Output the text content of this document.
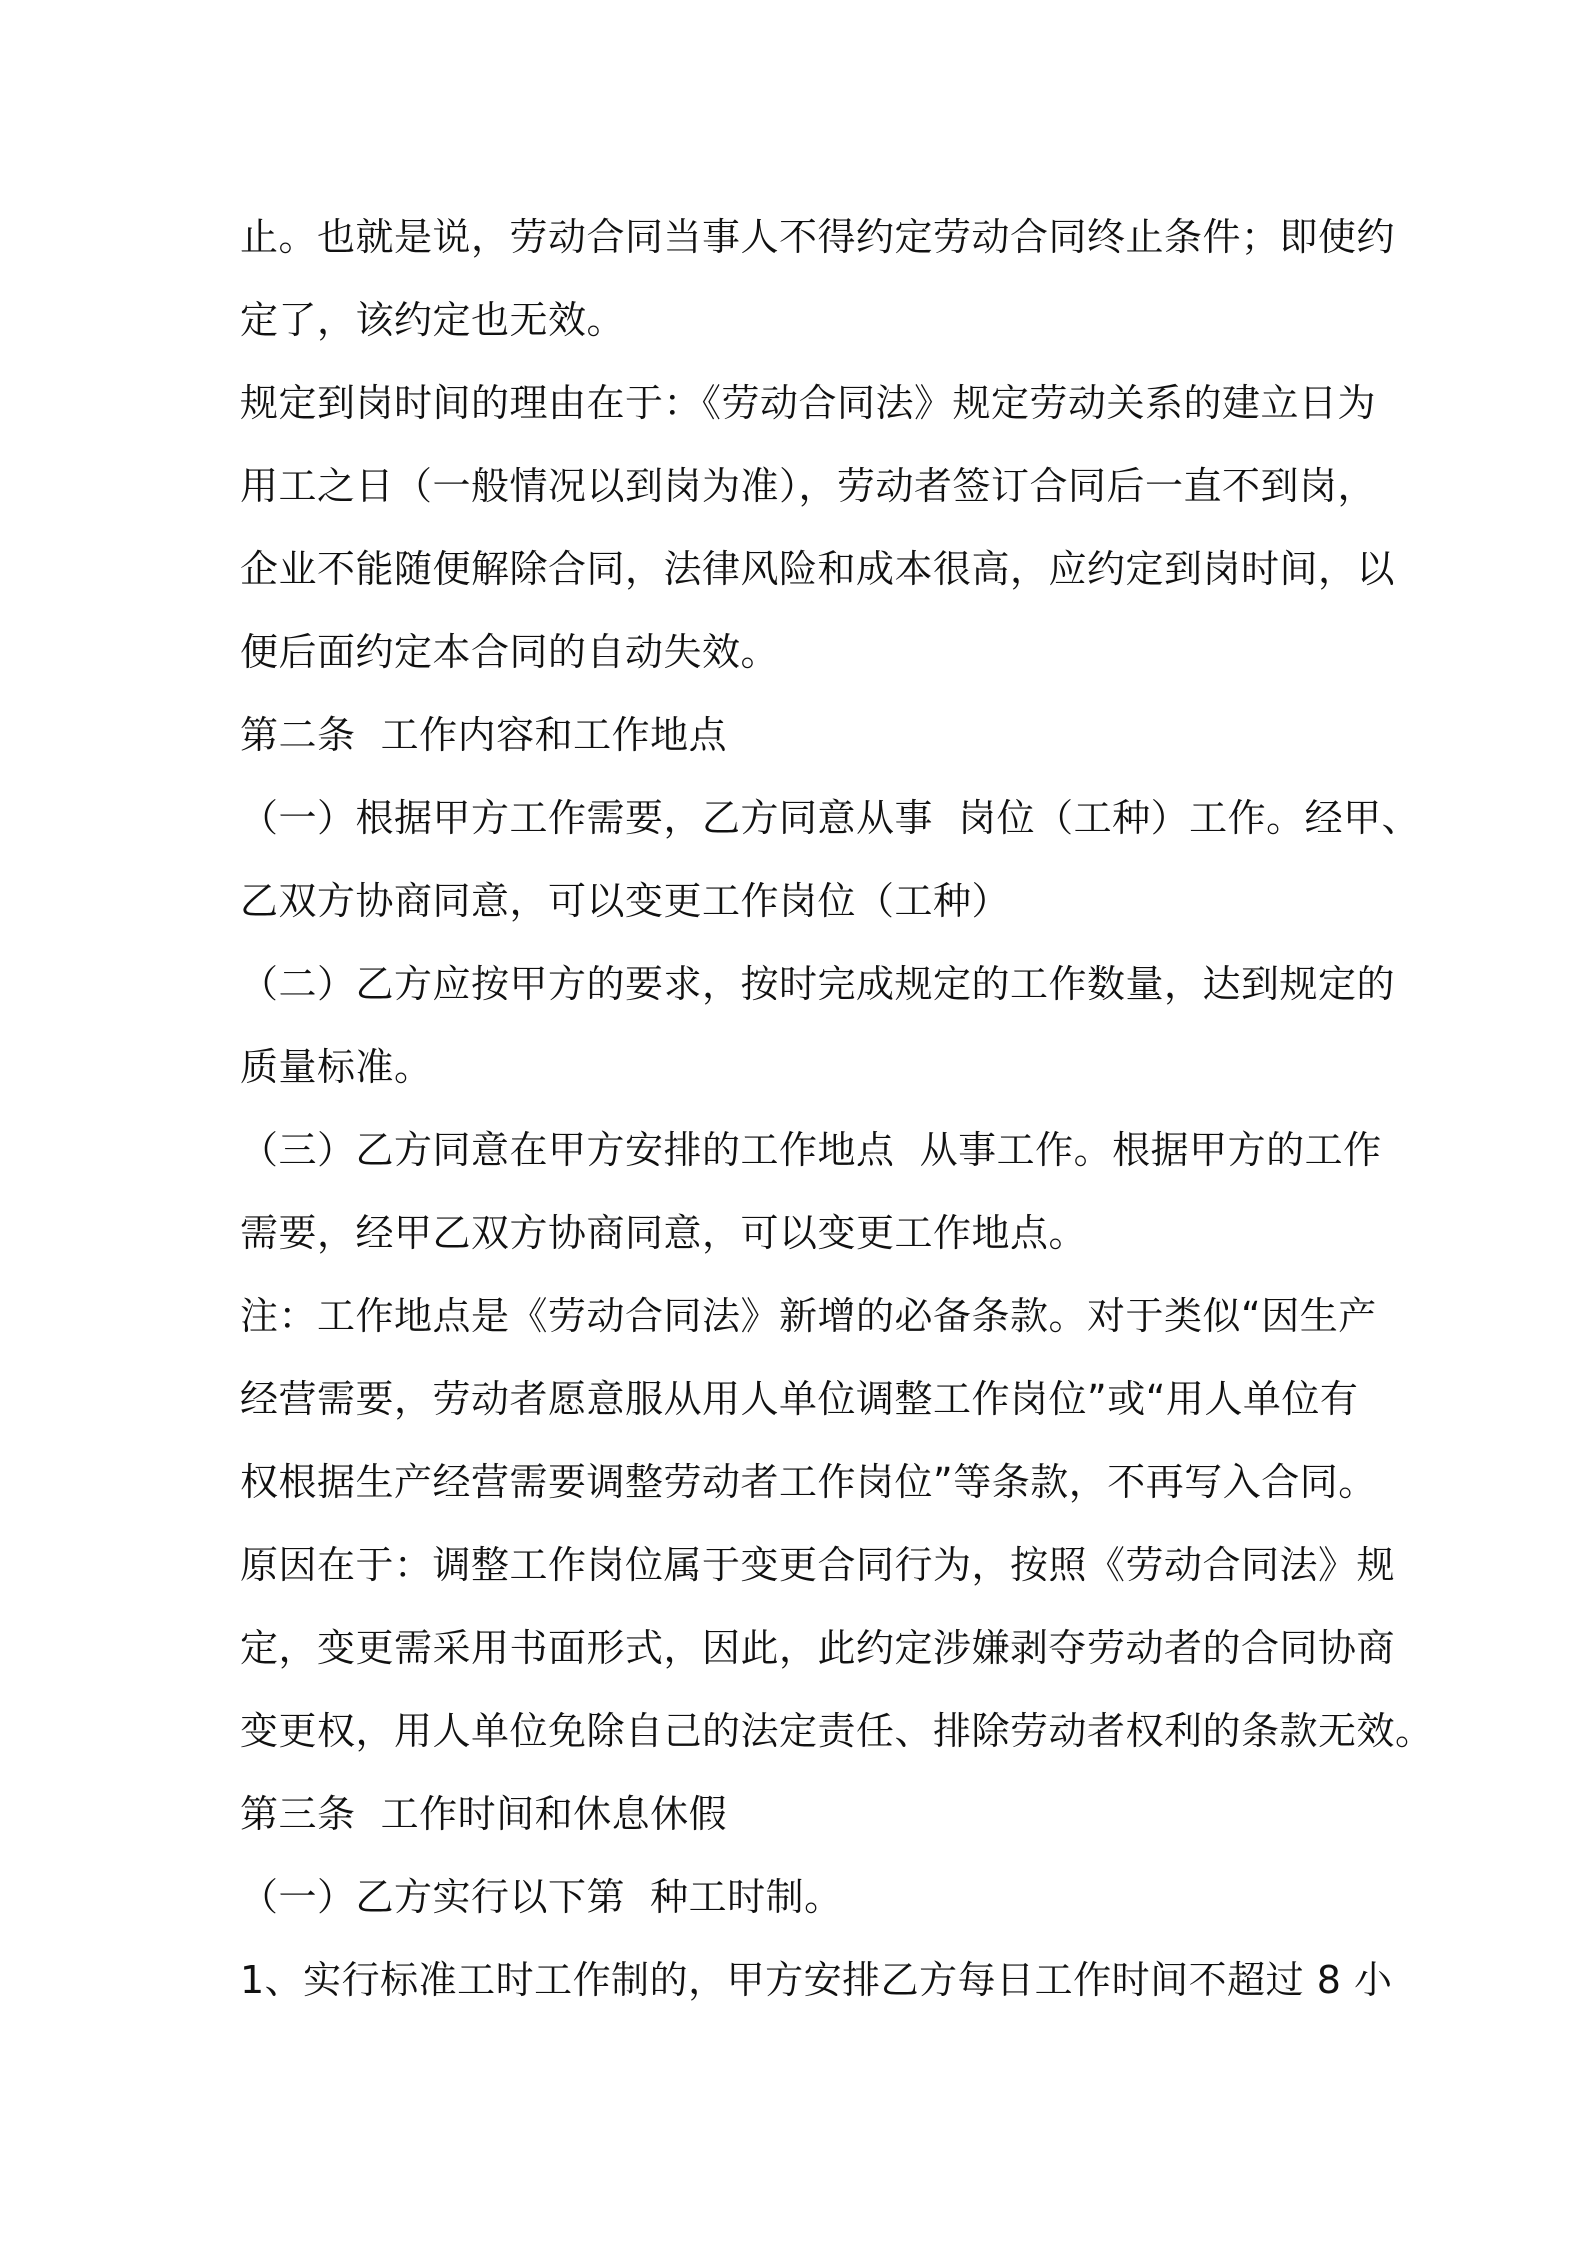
止。也就是说，劳动合同当事人不得约定劳动合同终止条件；即使约
定了，该约定也无效。
规定到岗时间的理由在于：《劳动合同法》规定劳动关系的建立日为
用工之日（一般情况以到岗为准），劳动者签订合同后一直不到岗，
企业不能随便解除合同，法律风险和成本很高，应约定到岗时间，以
便后面约定本合同的自动失效。
第二条  工作内容和工作地点
（一）根据甲方工作需要，乙方同意从事  岗位（工种）工作。经甲、
乙双方协商同意，可以变更工作岗位（工种）
（二）乙方应按甲方的要求，按时完成规定的工作数量，达到规定的
质量标准。
（三）乙方同意在甲方安排的工作地点  从事工作。根据甲方的工作
需要，经甲乙双方协商同意，可以变更工作地点。
注：工作地点是《劳动合同法》新增的必备条款。对于类似“因生产
经营需要，劳动者愿意服从用人单位调整工作岗位”或“用人单位有
权根据生产经营需要调整劳动者工作岗位”等条款，不再写入合同。
原因在于：调整工作岗位属于变更合同行为，按照《劳动合同法》规
定，变更需采用书面形式，因此，此约定涉嫌剥夺劳动者的合同协商
变更权，用人单位免除自己的法定责任、排除劳动者权利的条款无效。
第三条  工作时间和休息休假
（一）乙方实行以下第  种工时制。
1、实行标准工时工作制的，甲方安排乙方每日工作时间不超过 8 小
